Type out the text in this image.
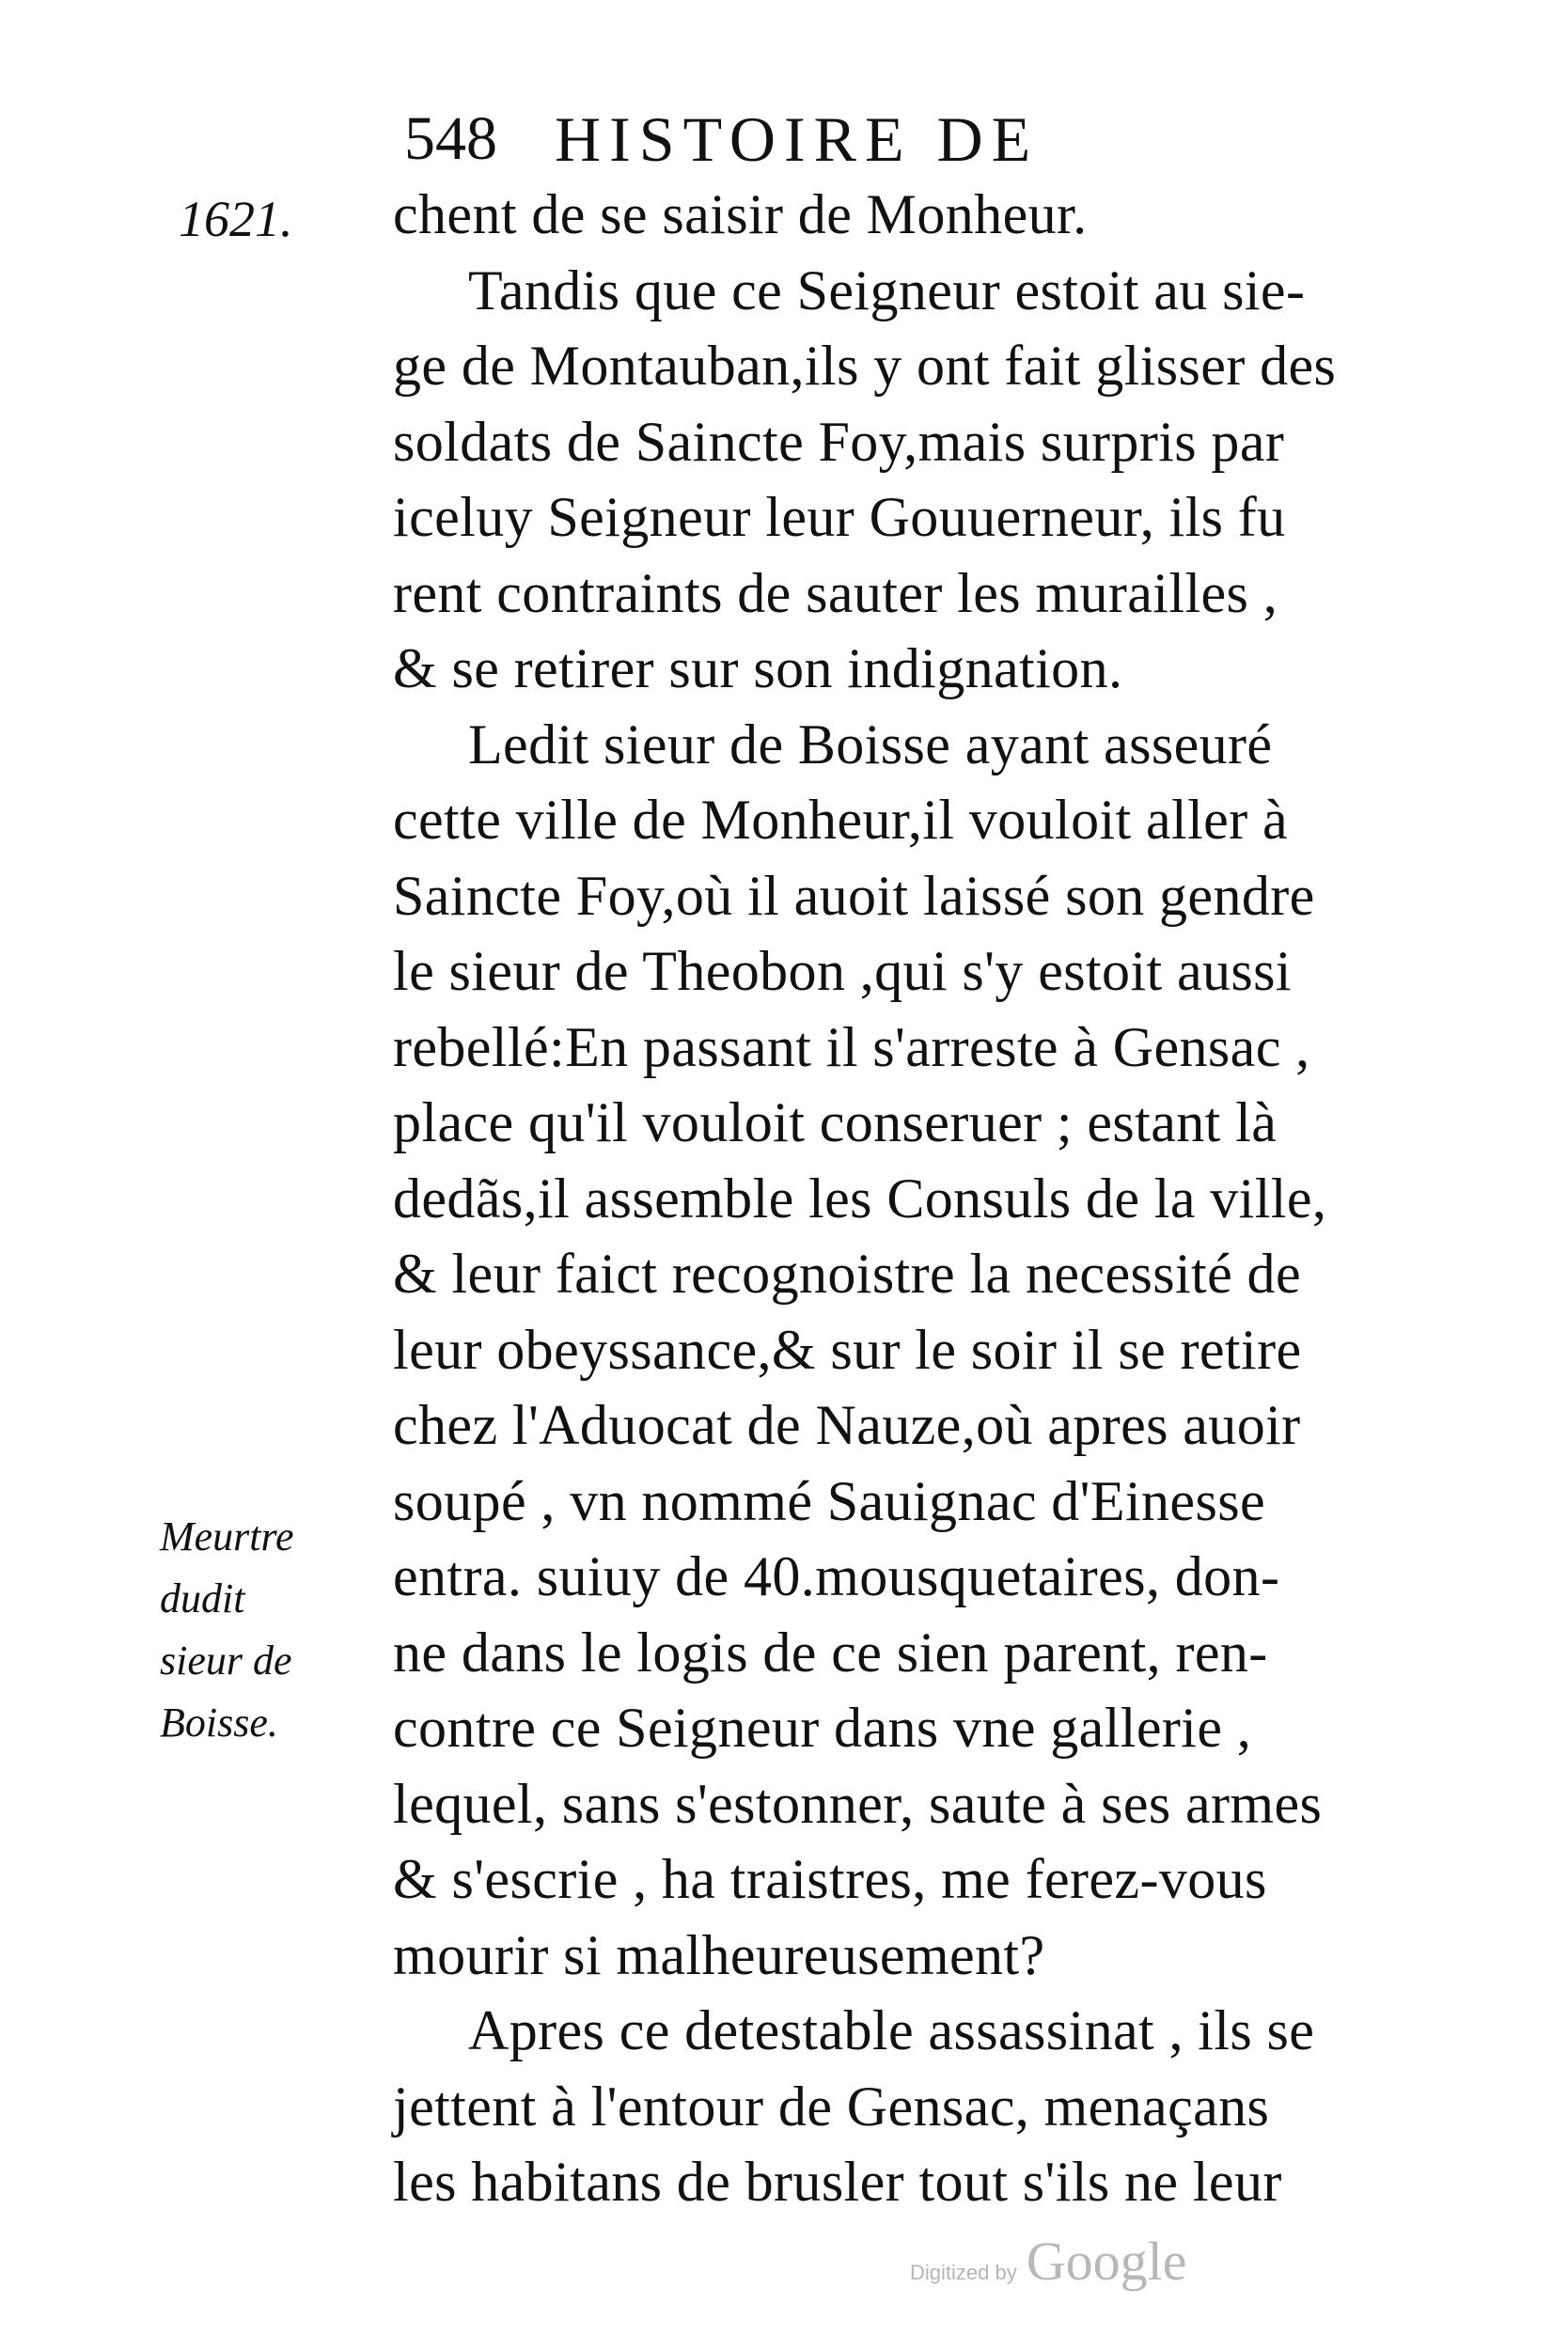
548 HISTOIRE DE
1621. chent de se saisir de Monheur.
Tandis que ce Seigneur estoit au sie-
ge de Montauban,ils y ont fait glisser des
soldats de Saincte Foy,mais surpris par
iceluy Seigneur leur Gouuerneur, ils fu
rent contraints de sauter les murailles ,
& se retirer sur son indignation.
Ledit sieur de Boisse ayant asseuré
cette ville de Monheur,il vouloit aller à
Saincte Foy,où il auoit laissé son gendre
le sieur de Theobon ,qui s'y estoit aussi
rebellé:En passant il s'arreste à Gensac ,
place qu'il vouloit conseruer ; estant là
dedãs,il assemble les Consuls de la ville,
& leur faict recognoistre la necessité de
leur obeyssance,& sur le soir il se retire
chez l'Aduocat de Nauze,où apres auoir
soupé , vn nommé Sauignac d'Einesse
entra. suiuy de 40.mousquetaires, don-
ne dans le logis de ce sien parent, ren-
contre ce Seigneur dans vne gallerie ,
lequel, sans s'estonner, saute à ses armes
& s'escrie , ha traistres, me ferez-vous
mourir si malheureusement?
Apres ce detestable assassinat , ils se
jettent à l'entour de Gensac, menaçans
les habitans de brusler tout s'ils ne leur
Meurtre
dudit
sieur de
Boisse.
Digitized by Google
